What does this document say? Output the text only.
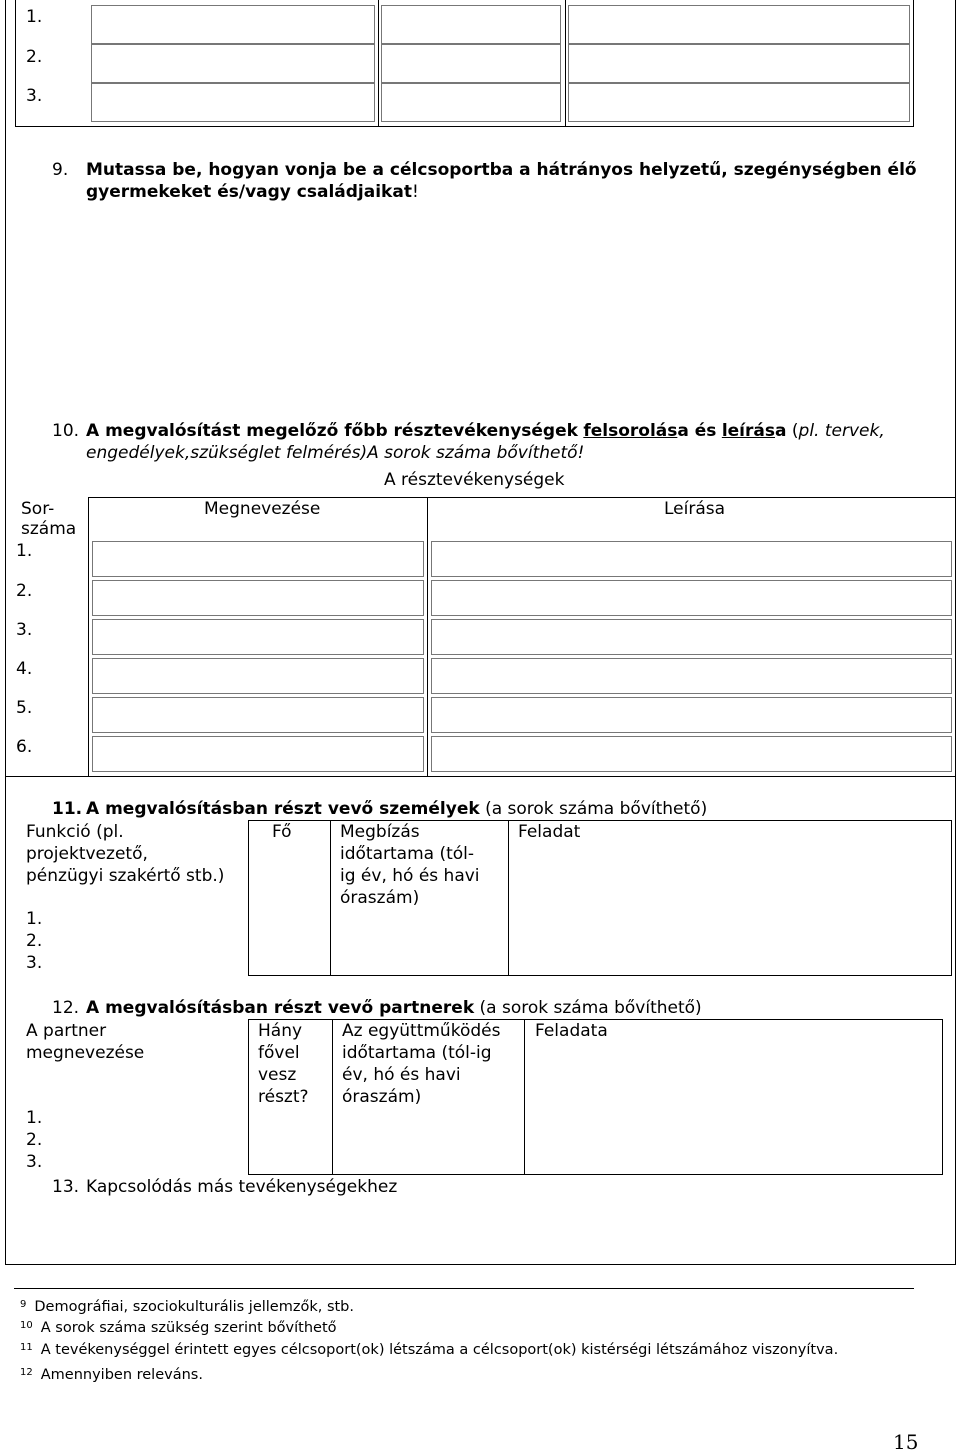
1.
2.
3.
9. Mutassa be, hogyan vonja be a célcsoportba a hátrányos helyzetű, szegénységben élő
gyermekeket és/vagy családjaikat!
10. A megvalósítást megelőző főbb résztevékenységek felsorolása és leírása (pl. tervek,
engedélyek,szükséglet felmérés)A sorok száma bővíthető!
A résztevékenységek
Sor-
száma
Megnevezése	Leírása
1.
2.
3.
4.
5.
6.
11. A megvalósításban részt vevő személyek (a sorok száma bővíthető)
Funkció (pl.
projektvezető,
pénzügyi szakértő stb.)
Fő	Megbízás
időtartama (tól-
ig év, hó és havi
óraszám)
Feladat
1.
2.
3.
12. A megvalósításban részt vevő partnerek (a sorok száma bővíthető)
A partner
megnevezése
Hány
fővel
vesz
részt?
Az együttműködés
időtartama (tól-ig
év, hó és havi
óraszám)
Feladata
1.
2.
3.
13. Kapcsolódás más tevékenységekhez
$^9$ Demográfiai, szociokulturális jellemzők, stb.
$^{10}$ A sorok száma szükség szerint bővíthető
$^{11}$ A tevékenységgel érintett egyes célcsoport(ok) létszáma a célcsoport(ok) kistérségi létszámához viszonyítva.
$^{12}$ Amennyiben releváns.
15
